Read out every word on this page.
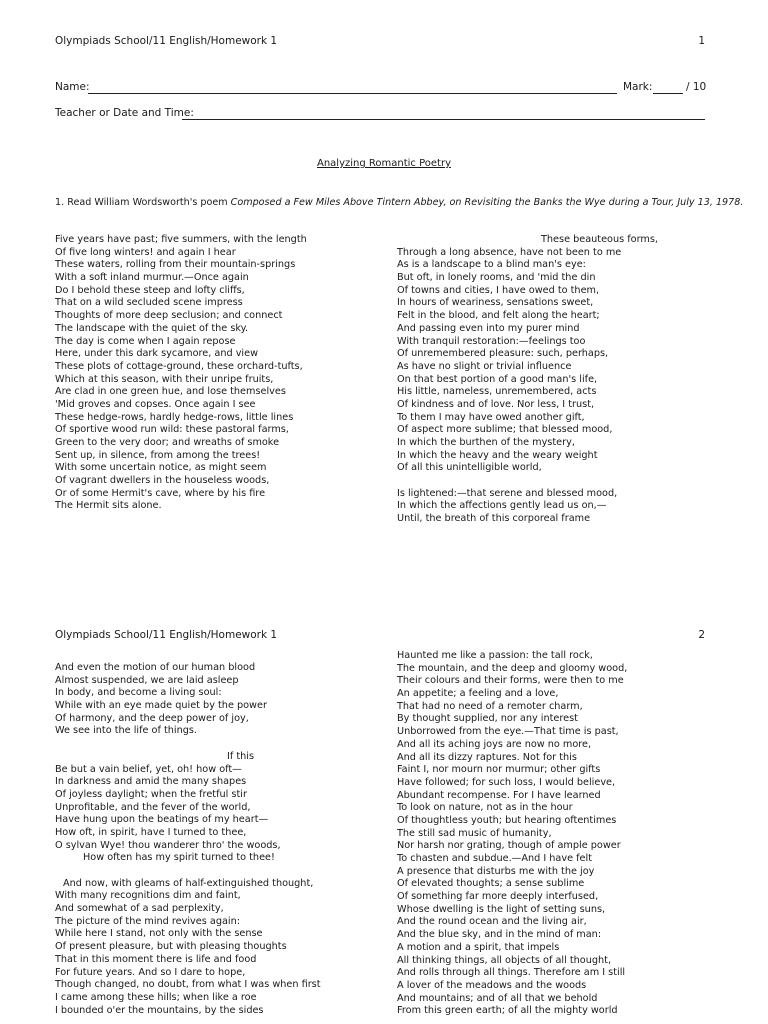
Olympiads School/11 English/Homework 1	1
Name:	Mark:	/ 10
Teacher or Date and Time:
Analyzing Romantic Poetry
1. Read William Wordsworth's poem Composed a Few Miles Above Tintern Abbey, on Revisiting the Banks the Wye during a Tour, July 13, 1978.
Five years have past; five summers, with the length
Of five long winters! and again I hear
These waters, rolling from their mountain-springs
With a soft inland murmur.—Once again
Do I behold these steep and lofty cliffs,
That on a wild secluded scene impress
Thoughts of more deep seclusion; and connect
The landscape with the quiet of the sky.
The day is come when I again repose
Here, under this dark sycamore, and view
These plots of cottage-ground, these orchard-tufts,
Which at this season, with their unripe fruits,
Are clad in one green hue, and lose themselves
'Mid groves and copses. Once again I see
These hedge-rows, hardly hedge-rows, little lines
Of sportive wood run wild: these pastoral farms,
Green to the very door; and wreaths of smoke
Sent up, in silence, from among the trees!
With some uncertain notice, as might seem
Of vagrant dwellers in the houseless woods,
Or of some Hermit's cave, where by his fire
The Hermit sits alone.
These beauteous forms,
Through a long absence, have not been to me
As is a landscape to a blind man's eye:
But oft, in lonely rooms, and 'mid the din
Of towns and cities, I have owed to them,
In hours of weariness, sensations sweet,
Felt in the blood, and felt along the heart;
And passing even into my purer mind
With tranquil restoration:—feelings too
Of unremembered pleasure: such, perhaps,
As have no slight or trivial influence
On that best portion of a good man's life,
His little, nameless, unremembered, acts
Of kindness and of love. Nor less, I trust,
To them I may have owed another gift,
Of aspect more sublime; that blessed mood,
In which the burthen of the mystery,
In which the heavy and the weary weight
Of all this unintelligible world,
Is lightened:—that serene and blessed mood,
In which the affections gently lead us on,—
Until, the breath of this corporeal frame
Olympiads School/11 English/Homework 1	2
And even the motion of our human blood
Almost suspended, we are laid asleep
In body, and become a living soul:
While with an eye made quiet by the power
Of harmony, and the deep power of joy,
We see into the life of things.
If this
Be but a vain belief, yet, oh! how oft—
In darkness and amid the many shapes
Of joyless daylight; when the fretful stir
Unprofitable, and the fever of the world,
Have hung upon the beatings of my heart—
How oft, in spirit, have I turned to thee,
O sylvan Wye! thou wanderer thro' the woods,
How often has my spirit turned to thee!
And now, with gleams of half-extinguished thought,
With many recognitions dim and faint,
And somewhat of a sad perplexity,
The picture of the mind revives again:
While here I stand, not only with the sense
Of present pleasure, but with pleasing thoughts
That in this moment there is life and food
For future years. And so I dare to hope,
Though changed, no doubt, from what I was when first
I came among these hills; when like a roe
I bounded o'er the mountains, by the sides
Haunted me like a passion: the tall rock,
The mountain, and the deep and gloomy wood,
Their colours and their forms, were then to me
An appetite; a feeling and a love,
That had no need of a remoter charm,
By thought supplied, nor any interest
Unborrowed from the eye.—That time is past,
And all its aching joys are now no more,
And all its dizzy raptures. Not for this
Faint I, nor mourn nor murmur; other gifts
Have followed; for such loss, I would believe,
Abundant recompense. For I have learned
To look on nature, not as in the hour
Of thoughtless youth; but hearing oftentimes
The still sad music of humanity,
Nor harsh nor grating, though of ample power
To chasten and subdue.—And I have felt
A presence that disturbs me with the joy
Of elevated thoughts; a sense sublime
Of something far more deeply interfused,
Whose dwelling is the light of setting suns,
And the round ocean and the living air,
And the blue sky, and in the mind of man:
A motion and a spirit, that impels
All thinking things, all objects of all thought,
And rolls through all things. Therefore am I still
A lover of the meadows and the woods
And mountains; and of all that we behold
From this green earth; of all the mighty world
